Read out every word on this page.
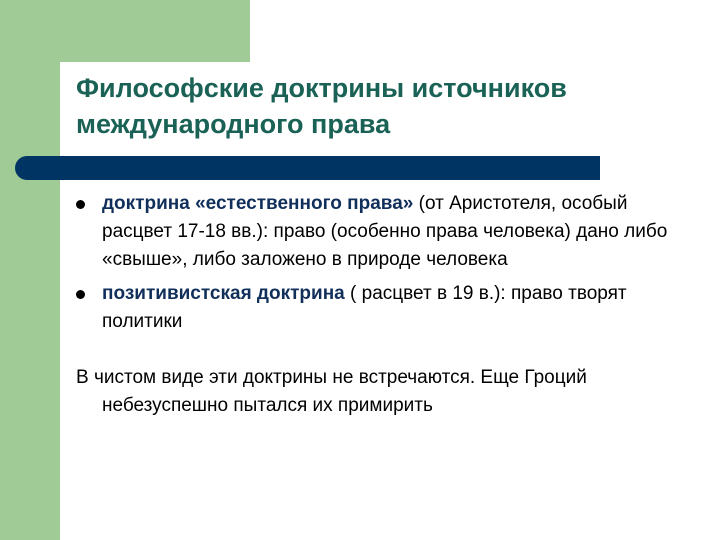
Философские доктрины источников международного права
доктрина «естественного права» (от Аристотеля, особый расцвет 17-18 вв.): право (особенно права человека) дано либо «свыше», либо заложено в природе человека
позитивистская доктрина ( расцвет в 19 в.): право творят политики
В чистом виде эти доктрины не встречаются. Еще Гроций небезуспешно пытался их примирить
